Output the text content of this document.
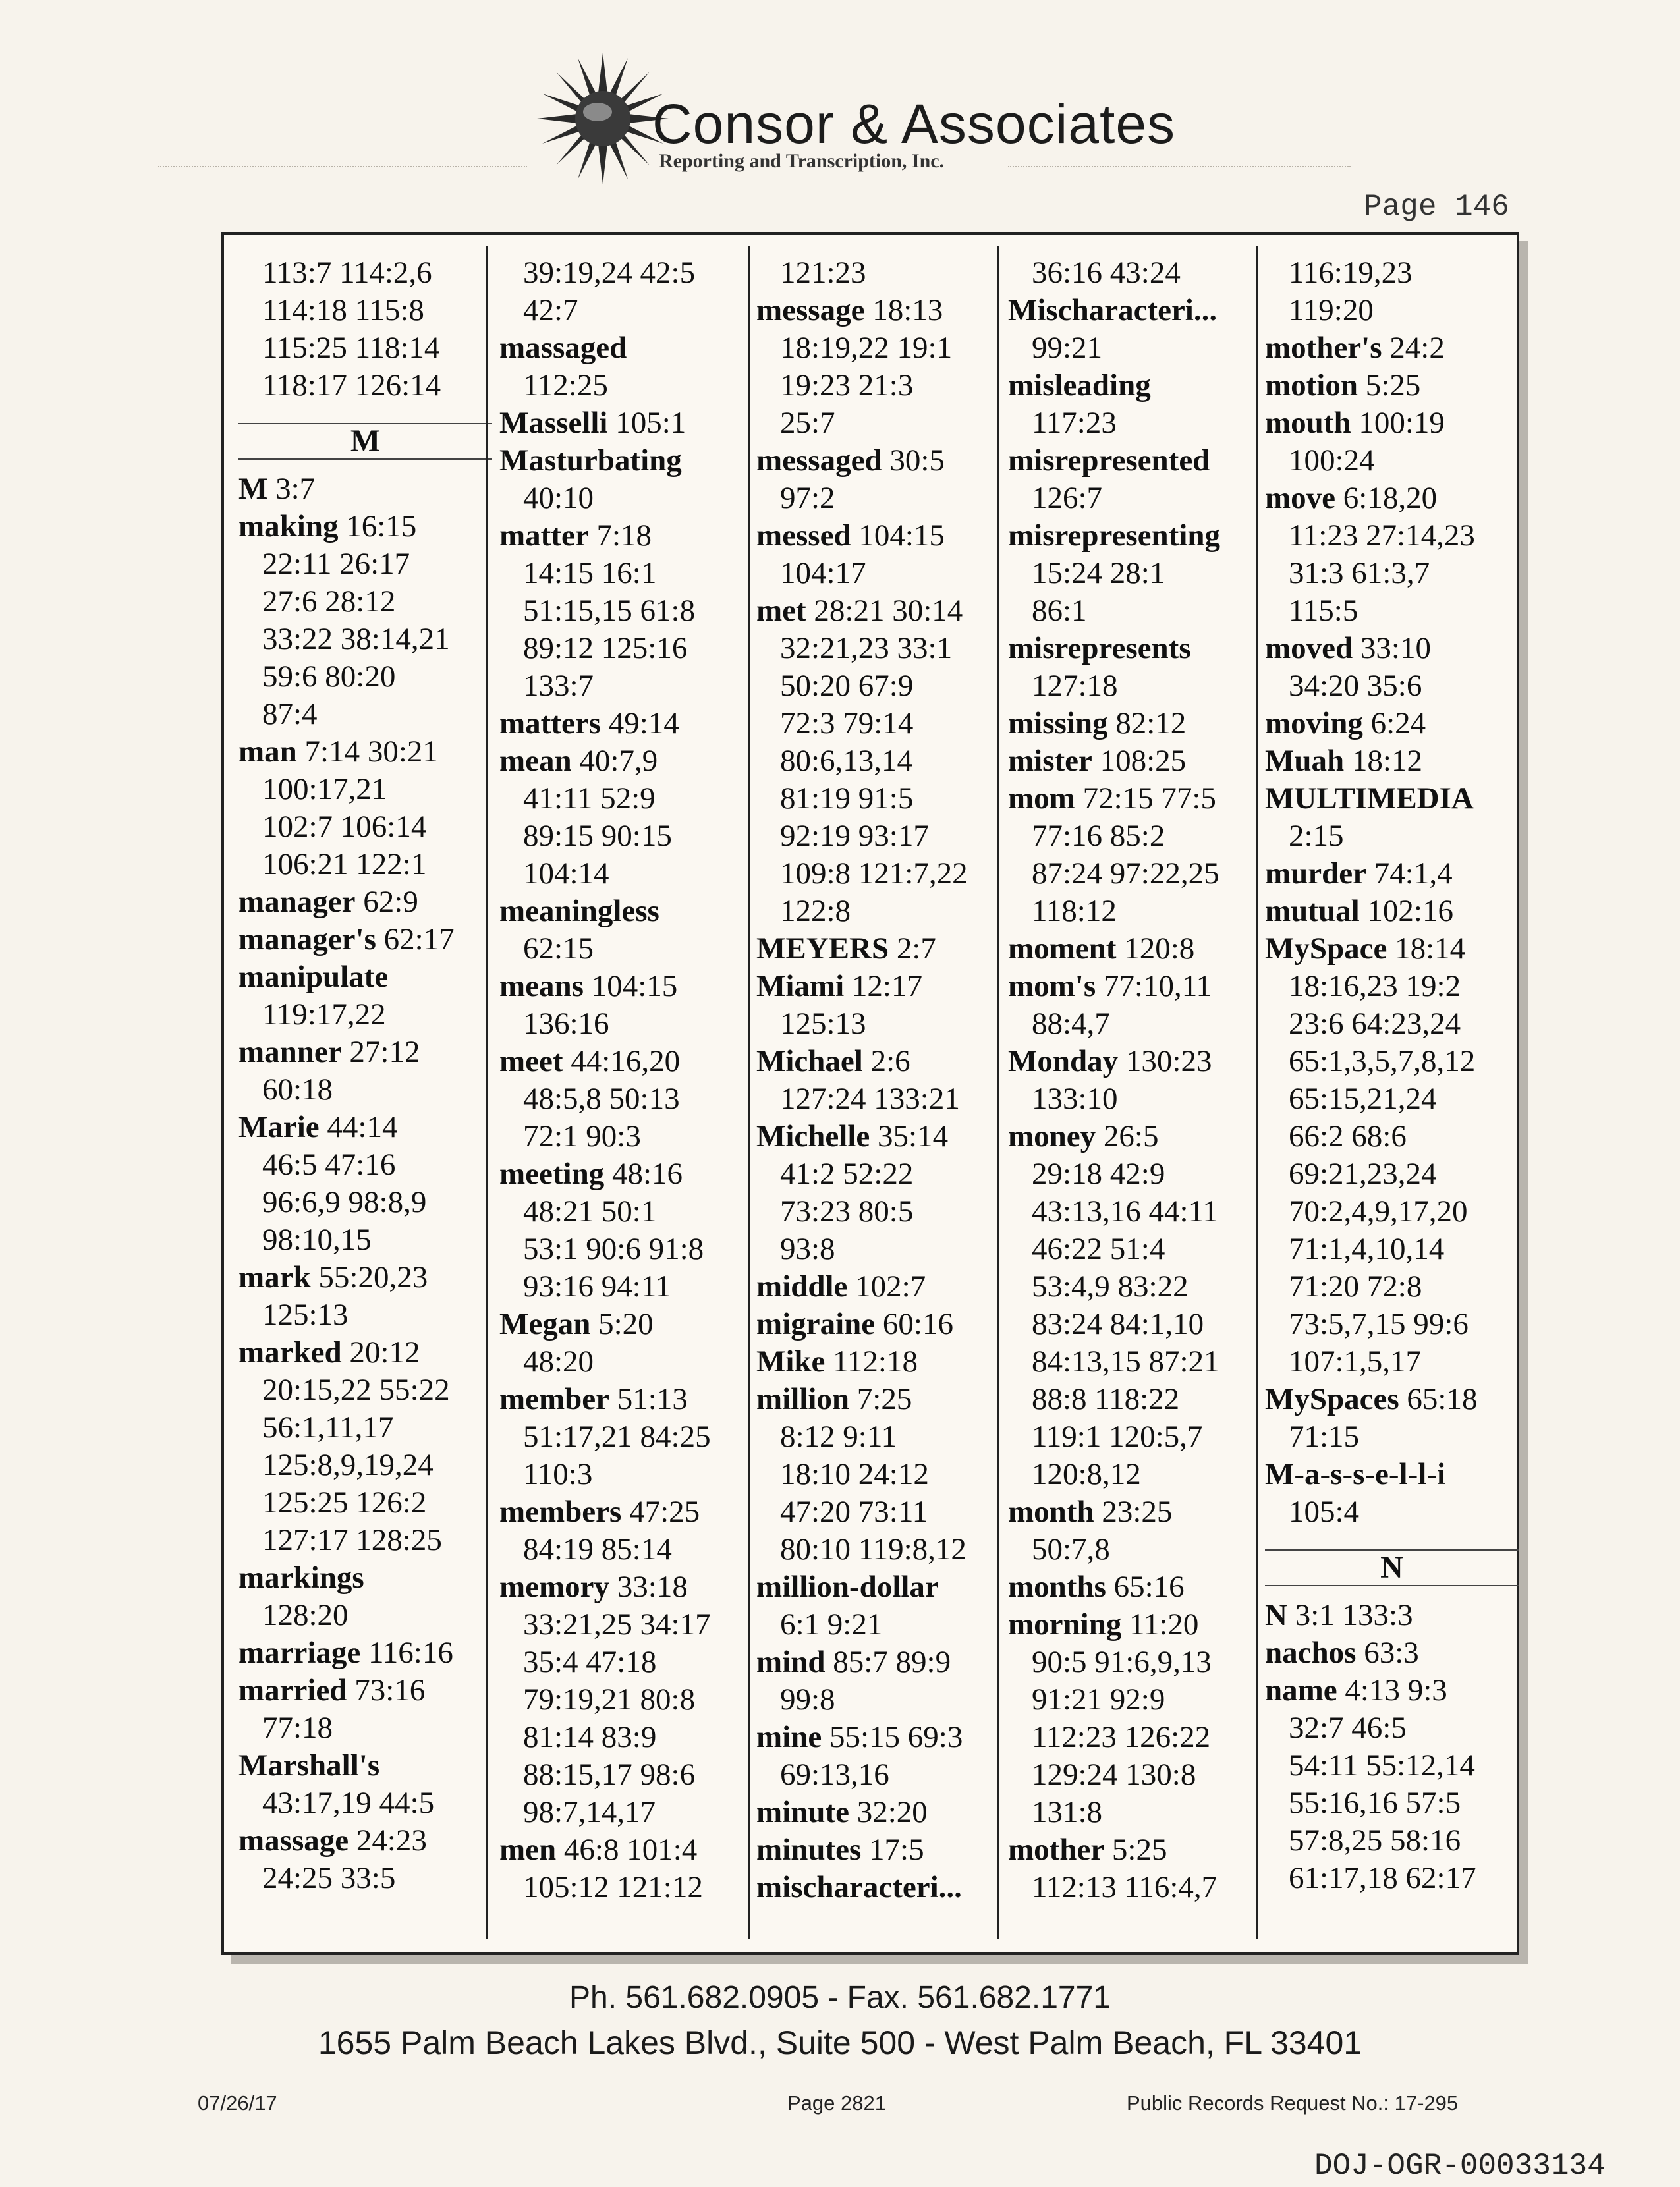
Consor & Associates
Reporting and Transcription, Inc.
Page 146
113:7 114:2,6
114:18 115:8
115:25 118:14
118:17 126:14
M
M 3:7
making 16:15
22:11 26:17
27:6 28:12
33:22 38:14,21
59:6 80:20
87:4
man 7:14 30:21
100:17,21
102:7 106:14
106:21 122:1
manager 62:9
manager's 62:17
manipulate
119:17,22
manner 27:12
60:18
Marie 44:14
46:5 47:16
96:6,9 98:8,9
98:10,15
mark 55:20,23
125:13
marked 20:12
20:15,22 55:22
56:1,11,17
125:8,9,19,24
125:25 126:2
127:17 128:25
markings
128:20
marriage 116:16
married 73:16
77:18
Marshall's
43:17,19 44:5
massage 24:23
24:25 33:5
39:19,24 42:5
42:7
massaged
112:25
Masselli 105:1
Masturbating
40:10
matter 7:18
14:15 16:1
51:15,15 61:8
89:12 125:16
133:7
matters 49:14
mean 40:7,9
41:11 52:9
89:15 90:15
104:14
meaningless
62:15
means 104:15
136:16
meet 44:16,20
48:5,8 50:13
72:1 90:3
meeting 48:16
48:21 50:1
53:1 90:6 91:8
93:16 94:11
Megan 5:20
48:20
member 51:13
51:17,21 84:25
110:3
members 47:25
84:19 85:14
memory 33:18
33:21,25 34:17
35:4 47:18
79:19,21 80:8
81:14 83:9
88:15,17 98:6
98:7,14,17
men 46:8 101:4
105:12 121:12
121:23
message 18:13
18:19,22 19:1
19:23 21:3
25:7
messaged 30:5
97:2
messed 104:15
104:17
met 28:21 30:14
32:21,23 33:1
50:20 67:9
72:3 79:14
80:6,13,14
81:19 91:5
92:19 93:17
109:8 121:7,22
122:8
MEYERS 2:7
Miami 12:17
125:13
Michael 2:6
127:24 133:21
Michelle 35:14
41:2 52:22
73:23 80:5
93:8
middle 102:7
migraine 60:16
Mike 112:18
million 7:25
8:12 9:11
18:10 24:12
47:20 73:11
80:10 119:8,12
million-dollar
6:1 9:21
mind 85:7 89:9
99:8
mine 55:15 69:3
69:13,16
minute 32:20
minutes 17:5
mischaracteri...
36:16 43:24
Mischaracteri...
99:21
misleading
117:23
misrepresented
126:7
misrepresenting
15:24 28:1
86:1
misrepresents
127:18
missing 82:12
mister 108:25
mom 72:15 77:5
77:16 85:2
87:24 97:22,25
118:12
moment 120:8
mom's 77:10,11
88:4,7
Monday 130:23
133:10
money 26:5
29:18 42:9
43:13,16 44:11
46:22 51:4
53:4,9 83:22
83:24 84:1,10
84:13,15 87:21
88:8 118:22
119:1 120:5,7
120:8,12
month 23:25
50:7,8
months 65:16
morning 11:20
90:5 91:6,9,13
91:21 92:9
112:23 126:22
129:24 130:8
131:8
mother 5:25
112:13 116:4,7
116:19,23
119:20
mother's 24:2
motion 5:25
mouth 100:19
100:24
move 6:18,20
11:23 27:14,23
31:3 61:3,7
115:5
moved 33:10
34:20 35:6
moving 6:24
Muah 18:12
MULTIMEDIA
2:15
murder 74:1,4
mutual 102:16
MySpace 18:14
18:16,23 19:2
23:6 64:23,24
65:1,3,5,7,8,12
65:15,21,24
66:2 68:6
69:21,23,24
70:2,4,9,17,20
71:1,4,10,14
71:20 72:8
73:5,7,15 99:6
107:1,5,17
MySpaces 65:18
71:15
M-a-s-s-e-l-l-i
105:4
N
N 3:1 133:3
nachos 63:3
name 4:13 9:3
32:7 46:5
54:11 55:12,14
55:16,16 57:5
57:8,25 58:16
61:17,18 62:17
Ph. 561.682.0905 - Fax. 561.682.1771
1655 Palm Beach Lakes Blvd., Suite 500 - West Palm Beach, FL 33401
07/26/17	Page 2821	Public Records Request No.: 17-295
DOJ-OGR-00033134
